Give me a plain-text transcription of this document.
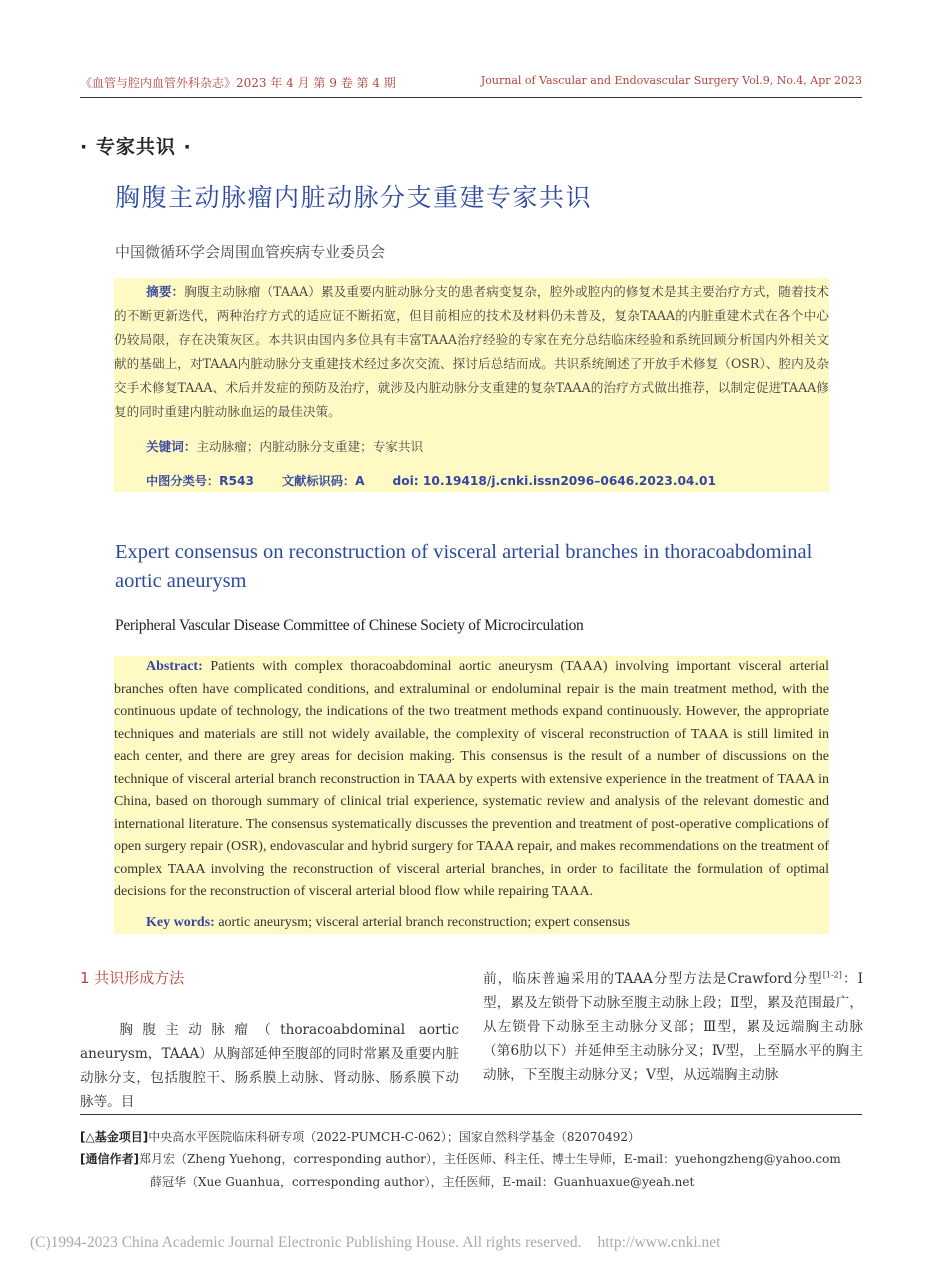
《血管与腔内血管外科杂志》2023 年 4 月 第 9 卷 第 4 期	Journal of Vascular and Endovascular Surgery Vol.9, No.4, Apr 2023
· 专家共识 ·
胸腹主动脉瘤内脏动脉分支重建专家共识
中国微循环学会周围血管疾病专业委员会

摘要：胸腹主动脉瘤（TAAA）累及重要内脏动脉分支的患者病变复杂，腔外或腔内的修复术是其主要治疗方式，随着技术的不断更新迭代，两种治疗方式的适应证不断拓宽，但目前相应的技术及材料仍未普及，复杂TAAA的内脏重建术式在各个中心仍较局限，存在决策灰区。本共识由国内多位具有丰富TAAA治疗经验的专家在充分总结临床经验和系统回顾分析国内外相关文献的基础上，对TAAA内脏动脉分支重建技术经过多次交流、探讨后总结而成。共识系统阐述了开放手术修复（OSR）、腔内及杂交手术修复TAAA、术后并发症的预防及治疗，就涉及内脏动脉分支重建的复杂TAAA的治疗方式做出推荐，以制定促进TAAA修复的同时重建内脏动脉血运的最佳决策。

关键词：主动脉瘤；内脏动脉分支重建；专家共识
中图分类号：R543 文献标识码：A doi: 10.19418/j.cnki.issn2096–0646.2023.04.01

Expert consensus on reconstruction of visceral arterial branches in thoracoabdominal aortic aneurysm

Peripheral Vascular Disease Committee of Chinese Society of Microcirculation

Abstract: Patients with complex thoracoabdominal aortic aneurysm (TAAA) involving important visceral arterial branches often have complicated conditions, and extraluminal or endoluminal repair is the main treatment method, with the continuous update of technology, the indications of the two treatment methods expand continuously. However, the appropriate techniques and materials are still not widely available, the complexity of visceral reconstruction of TAAA is still limited in each center, and there are grey areas for decision making. This consensus is the result of a number of discussions on the technique of visceral arterial branch reconstruction in TAAA by experts with extensive experience in the treatment of TAAA in China, based on thorough summary of clinical trial experience, systematic review and analysis of the relevant domestic and international literature. The consensus systematically discusses the prevention and treatment of post-operative complications of open surgery repair (OSR), endovascular and hybrid surgery for TAAA repair, and makes recommendations on the treatment of complex TAAA involving the reconstruction of visceral arterial branches, in order to facilitate the formulation of optimal decisions for the reconstruction of visceral arterial blood flow while repairing TAAA.

Key words: aortic aneurysm; visceral arterial branch reconstruction; expert consensus
1 共识形成方法

胸腹主动脉瘤（thoracoabdominal aortic aneurysm，TAAA）从胸部延伸至腹部的同时常累及重要内脏动脉分支，包括腹腔干、肠系膜上动脉、肾动脉、肠系膜下动脉等。目

前，临床普遍采用的TAAA分型方法是Crawford分型[1-2]：Ⅰ型，累及左锁骨下动脉至腹主动脉上段；Ⅱ型，累及范围最广，从左锁骨下动脉至主动脉分叉部；Ⅲ型，累及远端胸主动脉（第6肋以下）并延伸至主动脉分叉；Ⅳ型，上至膈水平的胸主动脉，下至腹主动脉分叉；Ⅴ型，从远端胸主动脉

[△基金项目]中央高水平医院临床科研专项（2022-PUMCH-C-062）；国家自然科学基金（82070492）
[通信作者]郑月宏（Zheng Yuehong，corresponding author），主任医师、科主任、博士生导师，E-mail：yuehongzheng@yahoo.com
薛冠华（Xue Guanhua，corresponding author），主任医师，E-mail：Guanhuaxue@yeah.net
(C)1994-2023 China Academic Journal Electronic Publishing House. All rights reserved. http://www.cnki.net
